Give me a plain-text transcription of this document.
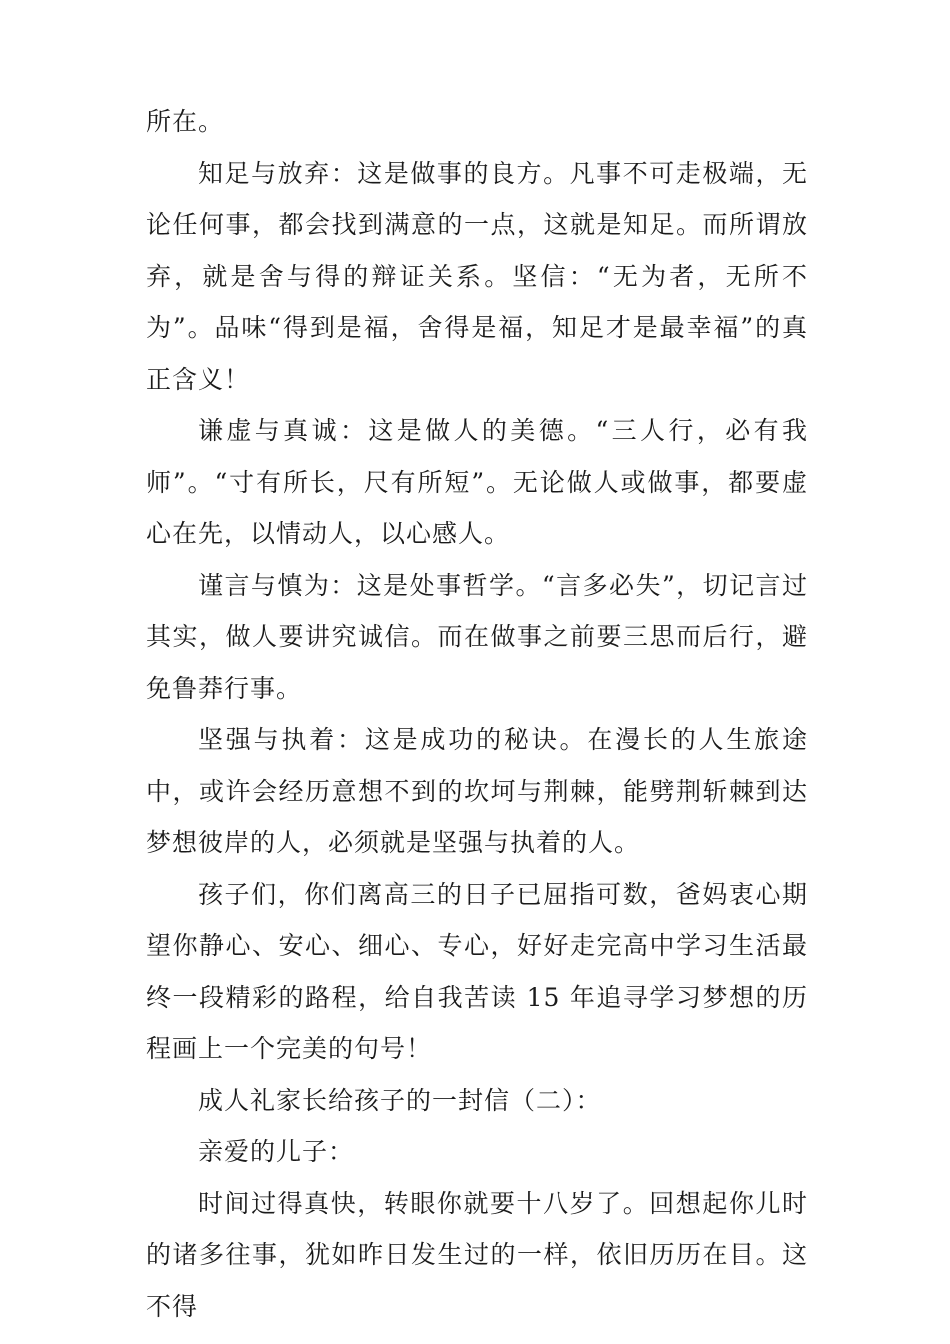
所在。

知足与放弃：这是做事的良方。凡事不可走极端，无论任何事，都会找到满意的一点，这就是知足。而所谓放弃，就是舍与得的辩证关系。坚信：“无为者，无所不为”。品味“得到是福，舍得是福，知足才是最幸福”的真正含义！

谦虚与真诚：这是做人的美德。“三人行，必有我师”。“寸有所长，尺有所短”。无论做人或做事，都要虚心在先，以情动人，以心感人。

谨言与慎为：这是处事哲学。“言多必失”，切记言过其实，做人要讲究诚信。而在做事之前要三思而后行，避免鲁莽行事。

坚强与执着：这是成功的秘诀。在漫长的人生旅途中，或许会经历意想不到的坎坷与荆棘，能劈荆斩棘到达梦想彼岸的人，必须就是坚强与执着的人。

孩子们，你们离高三的日子已屈指可数，爸妈衷心期望你静心、安心、细心、专心，好好走完高中学习生活最终一段精彩的路程，给自我苦读 15 年追寻学习梦想的历程画上一个完美的句号！

成人礼家长给孩子的一封信（二）：

亲爱的儿子：

时间过得真快，转眼你就要十八岁了。回想起你儿时的诸多往事，犹如昨日发生过的一样，依旧历历在目。这不得
